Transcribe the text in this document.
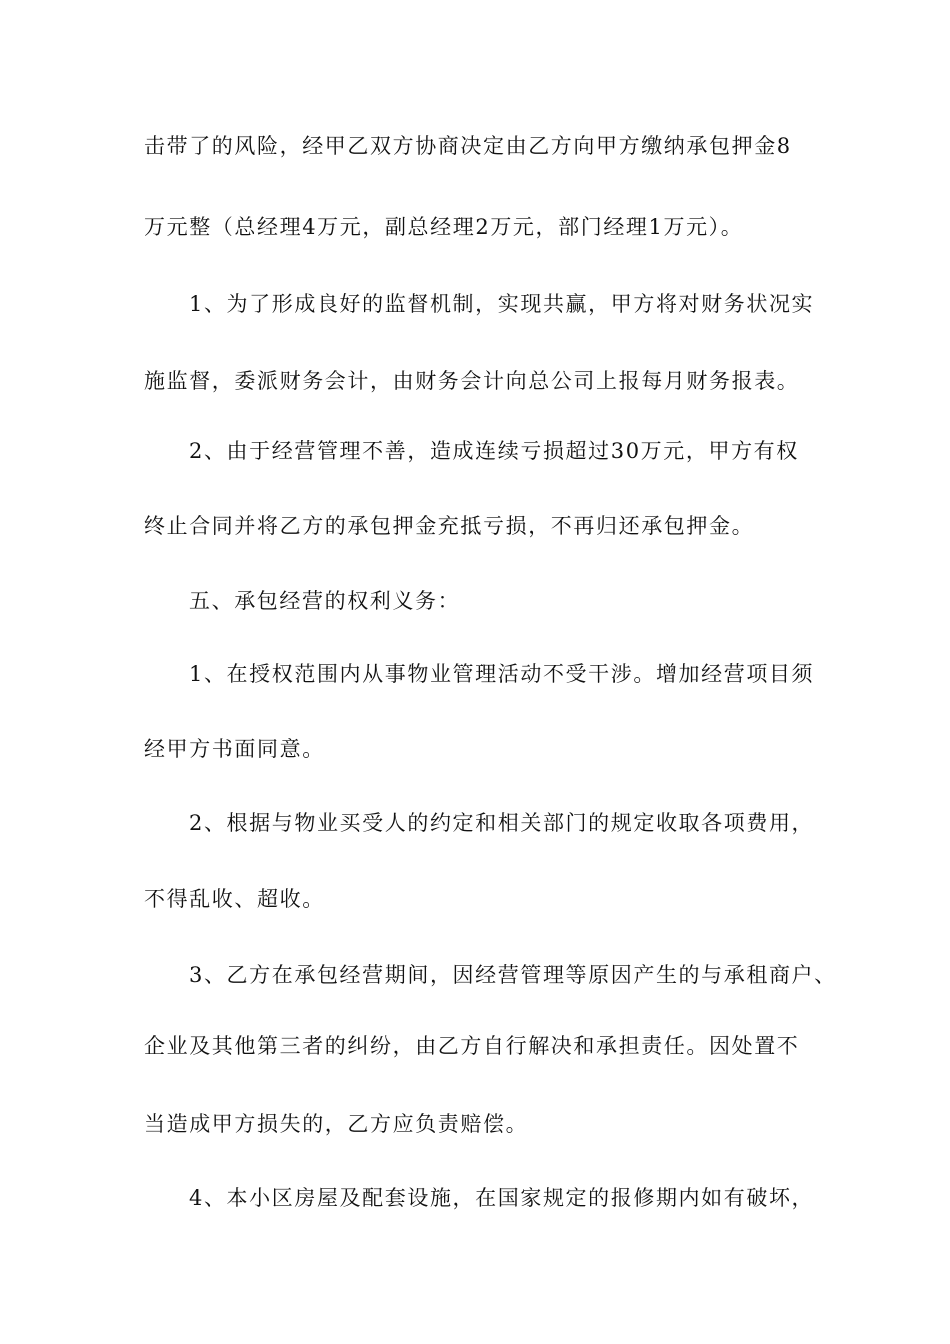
击带了的风险，经甲乙双方协商决定由乙方向甲方缴纳承包押金8
万元整（总经理4万元，副总经理2万元，部门经理1万元）。
1、为了形成良好的监督机制，实现共赢，甲方将对财务状况实
施监督，委派财务会计，由财务会计向总公司上报每月财务报表。
2、由于经营管理不善，造成连续亏损超过30万元，甲方有权
终止合同并将乙方的承包押金充抵亏损，不再归还承包押金。
五、承包经营的权利义务：
1、在授权范围内从事物业管理活动不受干涉。增加经营项目须
经甲方书面同意。
2、根据与物业买受人的约定和相关部门的规定收取各项费用，
不得乱收、超收。
3、乙方在承包经营期间，因经营管理等原因产生的与承租商户、
企业及其他第三者的纠纷，由乙方自行解决和承担责任。因处置不
当造成甲方损失的，乙方应负责赔偿。
4、本小区房屋及配套设施，在国家规定的报修期内如有破坏，
